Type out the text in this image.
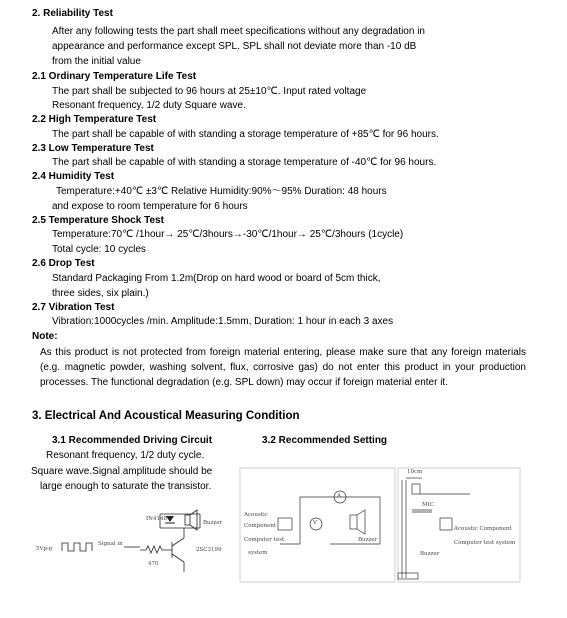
2. Reliability Test
After any following tests the part shall meet specifications without any degradation in
appearance and performance except SPL. SPL shall not deviate more than -10 dB
from the initial value
2.1 Ordinary Temperature Life Test
The part shall be subjected to 96 hours at 25±10℃. Input rated voltage
Resonant frequency, 1/2 duty Square wave.
2.2 High Temperature Test
The part shall be capable of with standing a storage temperature of +85℃ for 96 hours.
2.3 Low Temperature Test
The part shall be capable of with standing a storage temperature of -40℃ for 96 hours.
2.4 Humidity Test
Temperature:+40℃ ±3℃ Relative Humidity:90%～95% Duration: 48 hours
and expose to room temperature for 6 hours
2.5 Temperature Shock Test
Temperature:70℃ /1hour→ 25℃/3hours→-30℃/1hour→ 25℃/3hours (1cycle)
Total cycle: 10 cycles
2.6 Drop Test
Standard Packaging From 1.2m(Drop on hard wood or board of 5cm thick,
three sides, six plain.)
2.7 Vibration Test
Vibration:1000cycles /min. Amplitude:1.5mm, Duration: 1 hour in each 3 axes
Note:
As this product is not protected from foreign material entering, please make sure that any foreign materials (e.g. magnetic powder, washing solvent, flux, corrosive gas) do not enter this product in your production processes. The functional degradation (e.g. SPL down) may occur if foreign material enter it.
3. Electrical And Acoustical Measuring Condition
3.1 Recommended Driving Circuit	3.2 Recommended Setting
Resonant frequency, 1/2 duty cycle.
Square wave.Signal amplitude should be
large enough to saturate the transistor.
IN4148
Buzzer
5Vp-p
Signal in
470
2SC3199
Acoustic
Component
Computer test
system
A
V
Buzzer
10cm
MIC
Acoustic Component
Computer test system
Buzzer
